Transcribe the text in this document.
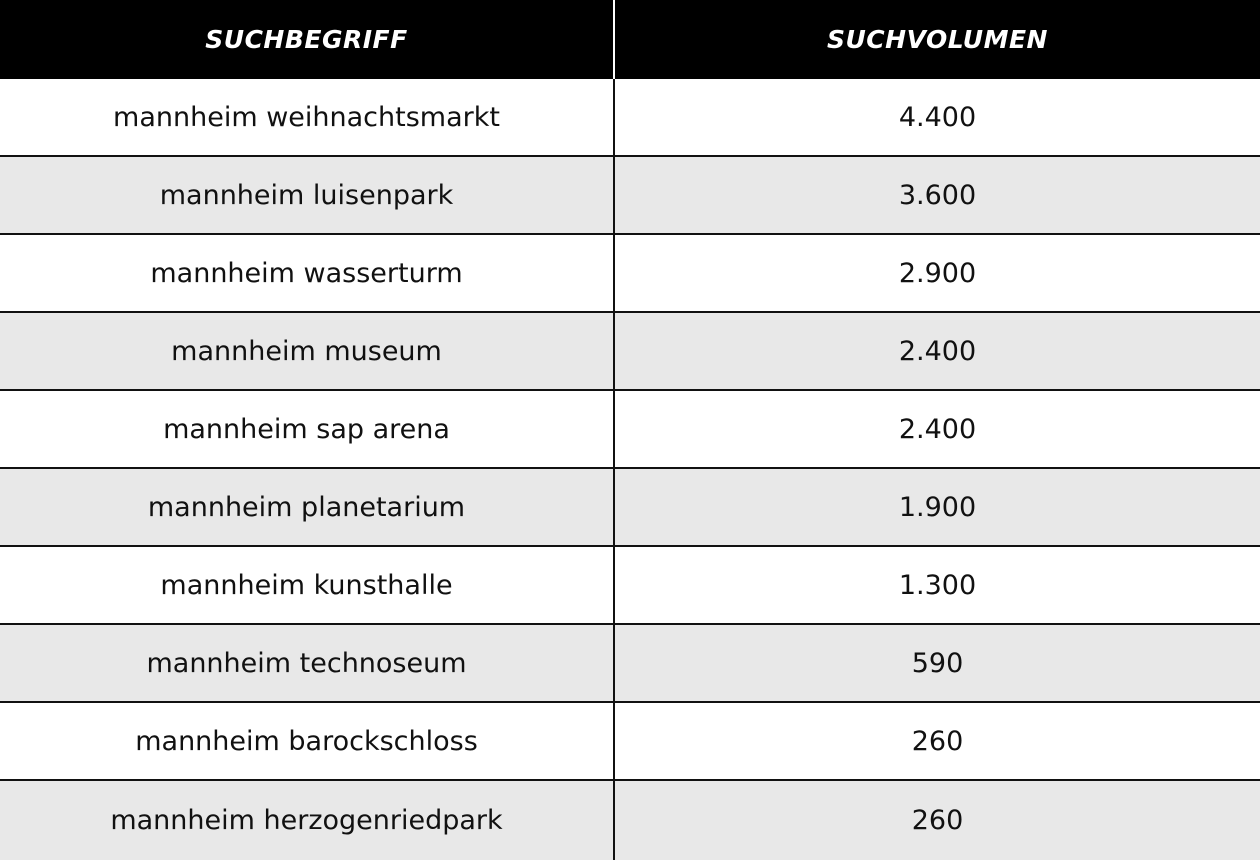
SUCHBEGRIFF	SUCHVOLUMEN
mannheim weihnachtsmarkt	4.400
mannheim luisenpark	3.600
mannheim wasserturm	2.900
mannheim museum	2.400
mannheim sap arena	2.400
mannheim planetarium	1.900
mannheim kunsthalle	1.300
mannheim technoseum	590
mannheim barockschloss	260
mannheim herzogenriedpark	260
